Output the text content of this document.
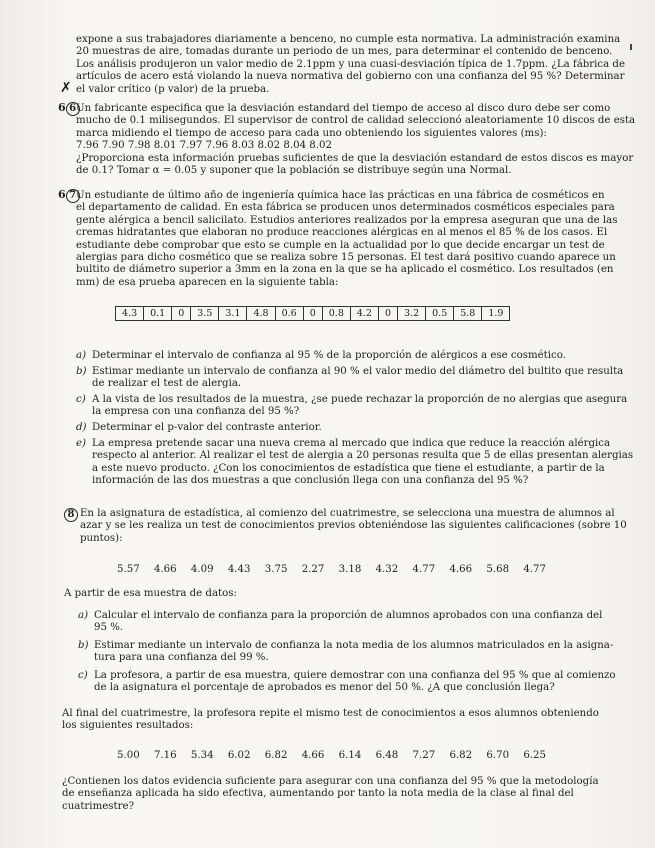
expone a sus trabajadores diariamente a benceno, no cumple esta normativa. La administración examina
20 muestras de aire, tomadas durante un periodo de un mes, para determinar el contenido de benceno.
Los análisis produjeron un valor medio de 2.1ppm y una cuasi-desviación típica de 1.7ppm. ¿La fábrica de
artículos de acero está violando la nueva normativa del gobierno con una confianza del 95 %? Determinar
el valor crítico (p valor) de la prueba.
✗
6 6 Un fabricante especifica que la desviación estandard del tiempo de acceso al disco duro debe ser como
mucho de 0.1 milisegundos. El supervisor de control de calidad seleccionó aleatoriamente 10 discos de esta
marca midiendo el tiempo de acceso para cada uno obteniendo los siguientes valores (ms):
7.96 7.90 7.98 8.01 7.97 7.96 8.03 8.02 8.04 8.02
¿Proporciona esta información pruebas suficientes de que la desviación estandard de estos discos es mayor
de 0.1? Tomar α = 0.05 y suponer que la población se distribuye según una Normal.
6 7 Un estudiante de último año de ingeniería química hace las prácticas en una fábrica de cosméticos en
el departamento de calidad. En esta fábrica se producen unos determinados cosméticos especiales para
gente alérgica a bencil salicilato. Estudios anteriores realizados por la empresa aseguran que una de las
cremas hidratantes que elaboran no produce reacciones alérgicas en al menos el 85 % de los casos. El
estudiante debe comprobar que esto se cumple en la actualidad por lo que decide encargar un test de
alergias para dicho cosmético que se realiza sobre 15 personas. El test dará positivo cuando aparece un
bultito de diámetro superior a 3mm en la zona en la que se ha aplicado el cosmético. Los resultados (en
mm) de esa prueba aparecen en la siguiente tabla:
4.3	0.1	0	3.5	3.1	4.8	0.6	0	0.8	4.2	0	3.2	0.5	5.8	1.9
a) Determinar el intervalo de confianza al 95 % de la proporción de alérgicos a ese cosmético.
b) Estimar mediante un intervalo de confianza al 90 % el valor medio del diámetro del bultito que resulta
de realizar el test de alergia.
c) A la vista de los resultados de la muestra, ¿se puede rechazar la proporción de no alergias que asegura
la empresa con una confianza del 95 %?
d) Determinar el p-valor del contraste anterior.
e) La empresa pretende sacar una nueva crema al mercado que indica que reduce la reacción alérgica
respecto al anterior. Al realizar el test de alergia a 20 personas resulta que 5 de ellas presentan alergias
a este nuevo producto. ¿Con los conocimientos de estadística que tiene el estudiante, a partir de la
información de las dos muestras a que conclusión llega con una confianza del 95 %?
8 En la asignatura de estadística, al comienzo del cuatrimestre, se selecciona una muestra de alumnos al
azar y se les realiza un test de conocimientos previos obteniéndose las siguientes calificaciones (sobre 10
puntos):
5.57 4.66 4.09 4.43 3.75 2.27 3.18 4.32 4.77 4.66 5.68 4.77
A partir de esa muestra de datos:
a) Calcular el intervalo de confianza para la proporción de alumnos aprobados con una confianza del
95 %.
b) Estimar mediante un intervalo de confianza la nota media de los alumnos matriculados en la asigna-
tura para una confianza del 99 %.
c) La profesora, a partir de esa muestra, quiere demostrar con una confianza del 95 % que al comienzo
de la asignatura el porcentaje de aprobados es menor del 50 %. ¿A que conclusión llega?
Al final del cuatrimestre, la profesora repite el mismo test de conocimientos a esos alumnos obteniendo
los siguientes resultados:
5.00 7.16 5.34 6.02 6.82 4.66 6.14 6.48 7.27 6.82 6.70 6.25
¿Contienen los datos evidencia suficiente para asegurar con una confianza del 95 % que la metodología
de enseñanza aplicada ha sido efectiva, aumentando por tanto la nota media de la clase al final del
cuatrimestre?
